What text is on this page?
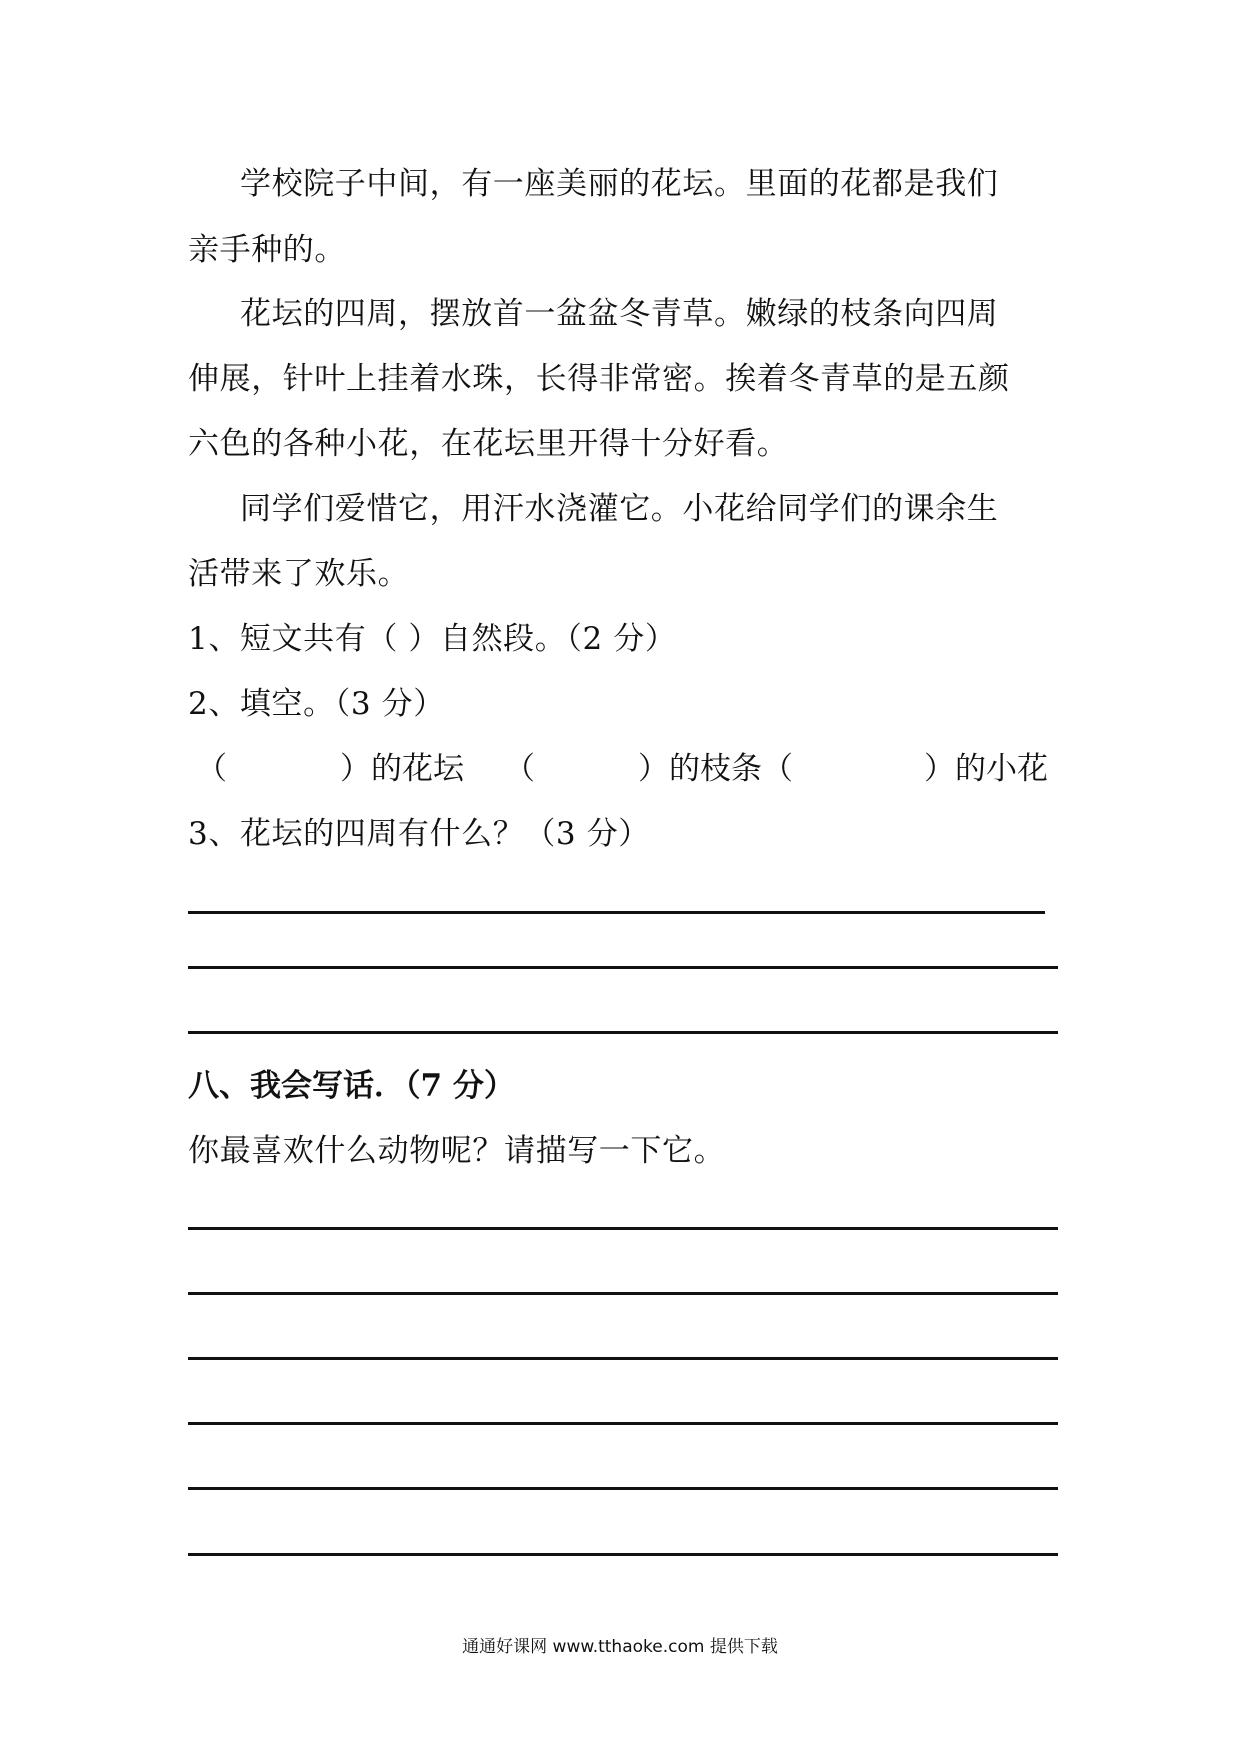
学校院子中间，有一座美丽的花坛。里面的花都是我们
亲手种的。
花坛的四周，摆放首一盆盆冬青草。嫩绿的枝条向四周
伸展，针叶上挂着水珠，长得非常密。挨着冬青草的是五颜
六色的各种小花，在花坛里开得十分好看。
同学们爱惜它，用汗水浇灌它。小花给同学们的课余生
活带来了欢乐。
1、短文共有（ ）自然段。（2 分）
2、填空。（3 分）
（	）的花坛 （	）的枝条（	）的小花
3、花坛的四周有什么？（3 分）
八、我会写话．（7 分）
你最喜欢什么动物呢？请描写一下它。
通通好课网 www.tthaoke.com 提供下载
